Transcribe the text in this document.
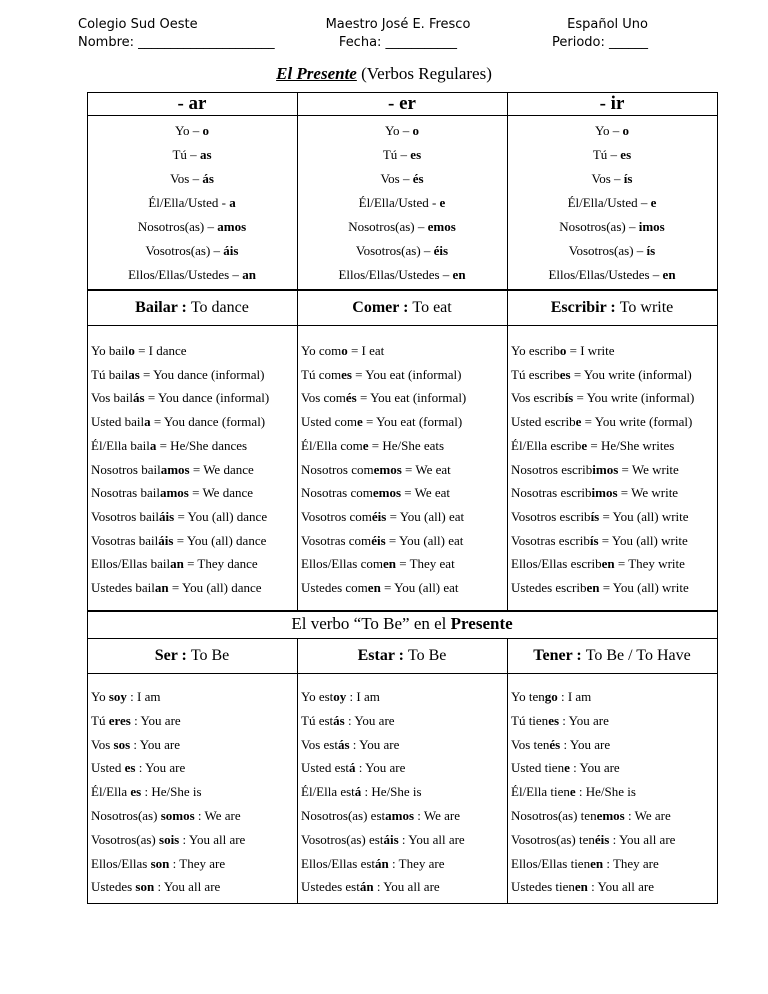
Colegio Sud Oeste
Nombre: _____________________
Maestro José E. Fresco
Fecha: ___________
Español Uno
Periodo: ______
El Presente (Verbos Regulares)
- ar	- er	- ir
Yo – o	Yo – o	Yo – o
Tú – as	Tú – es	Tú – es
Vos – ás	Vos – és	Vos – ís
Él/Ella/Usted - a	Él/Ella/Usted - e	Él/Ella/Usted – e
Nosotros(as) – amos	Nosotros(as) – emos	Nosotros(as) – imos
Vosotros(as) – áis	Vosotros(as) – éis	Vosotros(as) – ís
Ellos/Ellas/Ustedes – an	Ellos/Ellas/Ustedes – en	Ellos/Ellas/Ustedes – en
Bailar : To dance	Comer : To eat	Escribir : To write
Yo bailo = I dance	Yo como = I eat	Yo escribo = I write
Tú bailas = You dance (informal)	Tú comes = You eat (informal)	Tú escribes = You write (informal)
Vos bailás = You dance (informal)	Vos comés = You eat (informal)	Vos escribís = You write (informal)
Usted baila = You dance (formal)	Usted come = You eat (formal)	Usted escribe = You write (formal)
Él/Ella baila = He/She dances	Él/Ella come = He/She eats	Él/Ella escribe = He/She writes
Nosotros bailamos = We dance	Nosotros comemos = We eat	Nosotros escribimos = We write
Nosotras bailamos = We dance	Nosotras comemos = We eat	Nosotras escribimos = We write
Vosotros bailáis = You (all) dance	Vosotros coméis = You (all) eat	Vosotros escribís = You (all) write
Vosotras bailáis = You (all) dance	Vosotras coméis = You (all) eat	Vosotras escribís = You (all) write
Ellos/Ellas bailan = They dance	Ellos/Ellas comen = They eat	Ellos/Ellas escriben = They write
Ustedes bailan = You (all) dance	Ustedes comen = You (all) eat	Ustedes escriben = You (all) write
El verbo “To Be” en el Presente
Ser : To Be	Estar : To Be	Tener : To Be / To Have
Yo soy : I am	Yo estoy : I am	Yo tengo : I am
Tú eres : You are	Tú estás : You are	Tú tienes : You are
Vos sos : You are	Vos estás : You are	Vos tenés : You are
Usted es : You are	Usted está : You are	Usted tiene : You are
Él/Ella es : He/She is	Él/Ella está : He/She is	Él/Ella tiene : He/She is
Nosotros(as) somos : We are	Nosotros(as) estamos : We are	Nosotros(as) tenemos : We are
Vosotros(as) sois : You all are	Vosotros(as) estáis : You all are	Vosotros(as) tenéis : You all are
Ellos/Ellas son : They are	Ellos/Ellas están : They are	Ellos/Ellas tienen : They are
Ustedes son : You all are	Ustedes están : You all are	Ustedes tienen : You all are
